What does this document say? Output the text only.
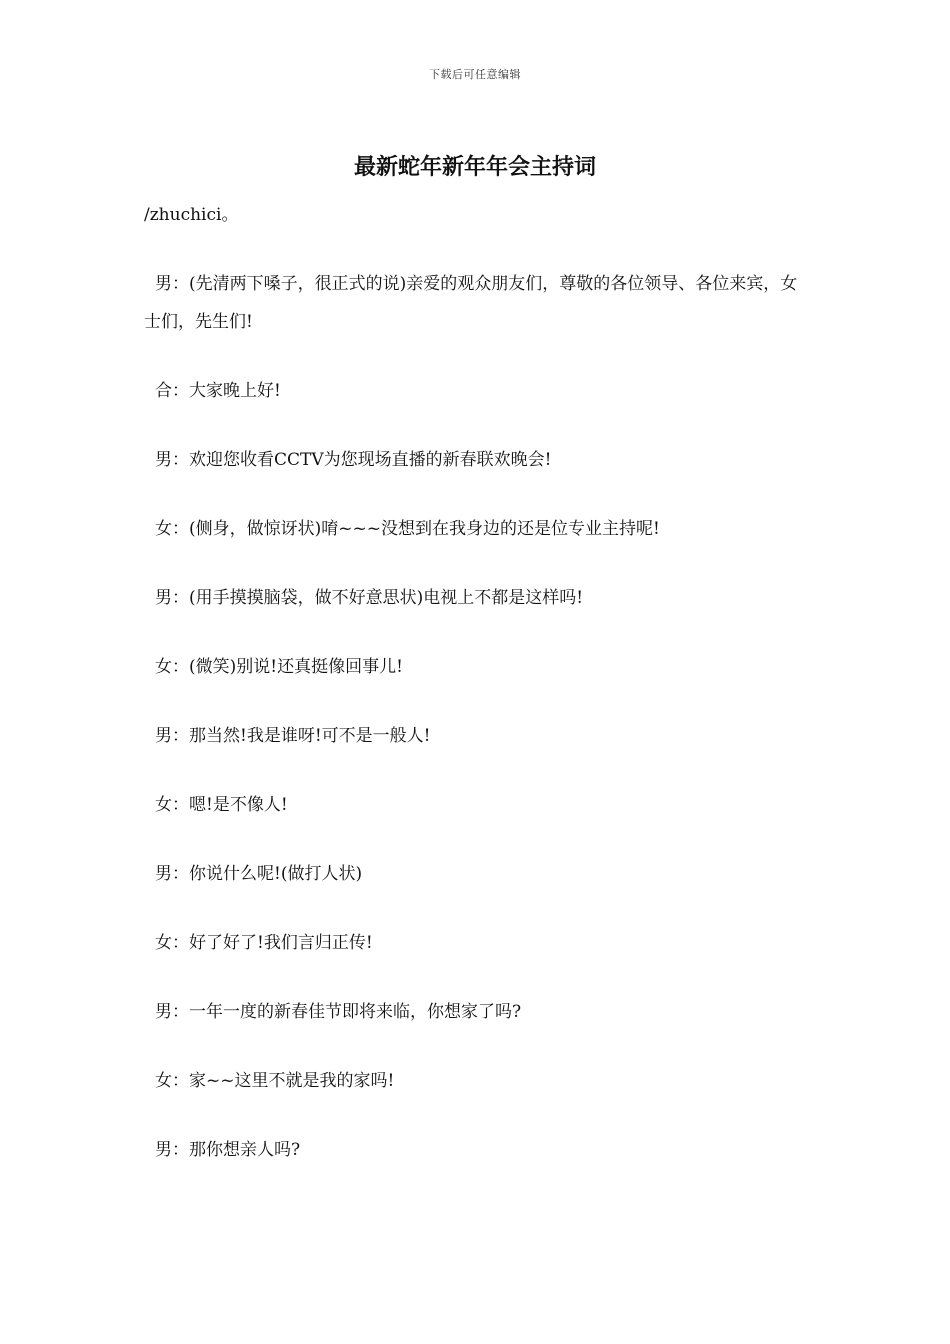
下载后可任意编辑
最新蛇年新年年会主持词
/zhuchici。
男：(先清两下嗓子，很正式的说)亲爱的观众朋友们，尊敬的各位领导、各位来宾，女士们，先生们!
合：大家晚上好!
男：欢迎您收看CCTV为您现场直播的新春联欢晚会!
女：(侧身，做惊讶状)唷~~~没想到在我身边的还是位专业主持呢!
男：(用手摸摸脑袋，做不好意思状)电视上不都是这样吗!
女：(微笑)别说!还真挺像回事儿!
男：那当然!我是谁呀!可不是一般人!
女：嗯!是不像人!
男：你说什么呢!(做打人状)
女：好了好了!我们言归正传!
男：一年一度的新春佳节即将来临，你想家了吗?
女：家~~这里不就是我的家吗!
男：那你想亲人吗?
